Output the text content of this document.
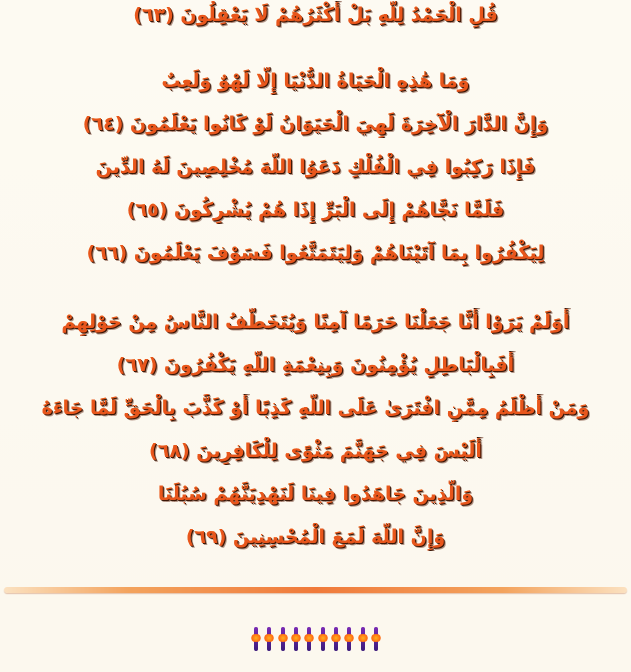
قُلِ الْحَمْدُ لِلَّهِ بَلْ أَكْثَرُهُمْ لَا يَعْقِلُونَ (٦٣)
وَمَا هَٰذِهِ الْحَيَاةُ الدُّنْيَا إِلَّا لَهْوٌ وَلَعِبٌ
وَإِنَّ الدَّارَ الْآخِرَةَ لَهِيَ الْحَيَوَانُ لَوْ كَانُوا يَعْلَمُونَ (٦٤)
فَإِذَا رَكِبُوا فِي الْفُلْكِ دَعَوُا اللَّهَ مُخْلِصِينَ لَهُ الدِّينَ
فَلَمَّا نَجَّاهُمْ إِلَى الْبَرِّ إِذَا هُمْ يُشْرِكُونَ (٦٥)
لِيَكْفُرُوا بِمَا آتَيْنَاهُمْ وَلِيَتَمَتَّعُوا فَسَوْفَ يَعْلَمُونَ (٦٦)
أَوَلَمْ يَرَوْا أَنَّا جَعَلْنَا حَرَمًا آمِنًا وَيُتَخَطَّفُ النَّاسُ مِنْ حَوْلِهِمْ
أَفَبِالْبَاطِلِ يُؤْمِنُونَ وَبِنِعْمَةِ اللَّهِ يَكْفُرُونَ (٦٧)
وَمَنْ أَظْلَمُ مِمَّنِ افْتَرَىٰ عَلَى اللَّهِ كَذِبًا أَوْ كَذَّبَ بِالْحَقِّ لَمَّا جَاءَهُ
أَلَيْسَ فِي جَهَنَّمَ مَثْوًى لِلْكَافِرِينَ (٦٨)
وَالَّذِينَ جَاهَدُوا فِينَا لَنَهْدِيَنَّهُمْ سُبُلَنَا
وَإِنَّ اللَّهَ لَمَعَ الْمُحْسِنِينَ (٦٩)
